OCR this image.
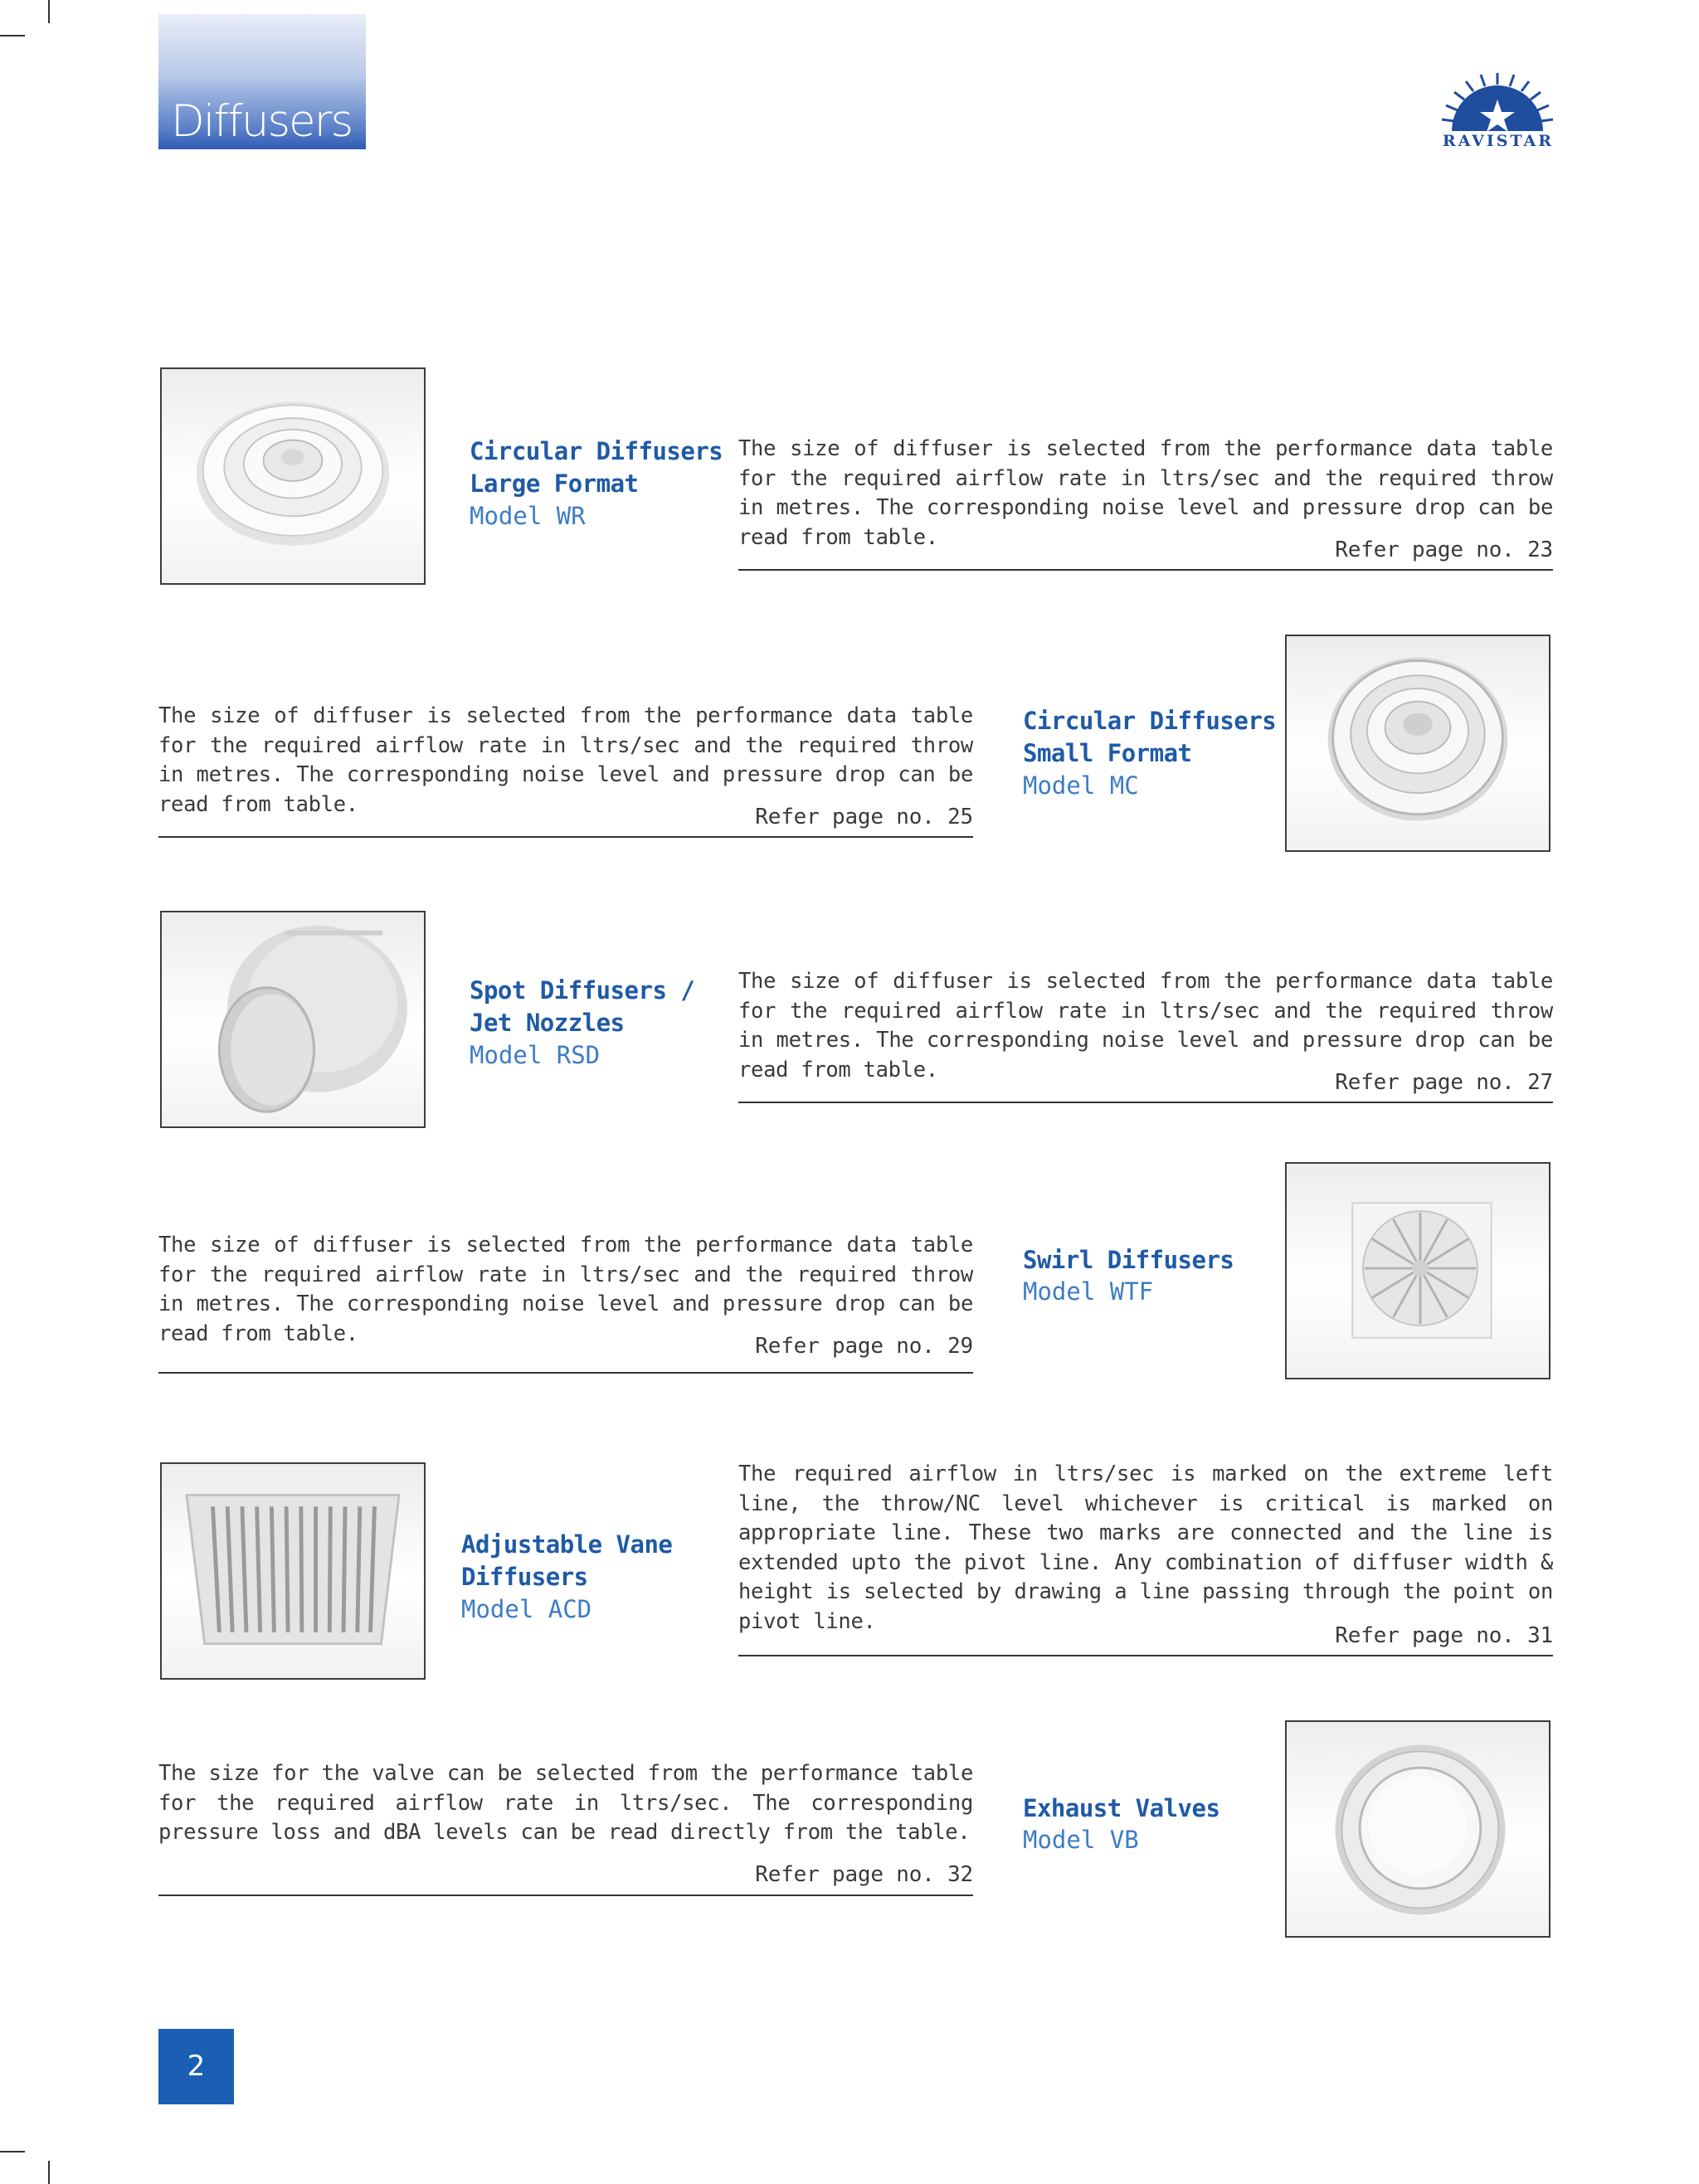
Diffusers	RAVISTAR
Circular Diffusers
Large Format
Model WR
The size of diffuser is selected from the performance data table for the required airflow rate in ltrs/sec and the required throw in metres. The corresponding noise level and pressure drop can be read from table.
Refer page no. 23
The size of diffuser is selected from the performance data table for the required airflow rate in ltrs/sec and the required throw in metres. The corresponding noise level and pressure drop can be read from table.
Refer page no. 25
Circular Diffusers
Small Format
Model MC
Spot Diffusers /
Jet Nozzles
Model RSD
The size of diffuser is selected from the performance data table for the required airflow rate in ltrs/sec and the required throw in metres. The corresponding noise level and pressure drop can be read from table.
Refer page no. 27
The size of diffuser is selected from the performance data table for the required airflow rate in ltrs/sec and the required throw in metres. The corresponding noise level and pressure drop can be read from table.
Refer page no. 29
Swirl Diffusers
Model WTF
Adjustable Vane
Diffusers
Model ACD
The required airflow in ltrs/sec is marked on the extreme left line, the throw/NC level whichever is critical is marked on appropriate line. These two marks are connected and the line is extended upto the pivot line. Any combination of diffuser width & height is selected by drawing a line passing through the point on pivot line.
Refer page no. 31
The size for the valve can be selected from the performance table for the required airflow rate in ltrs/sec. The corresponding pressure loss and dBA levels can be read directly from the table.
Refer page no. 32
Exhaust Valves
Model VB
2
